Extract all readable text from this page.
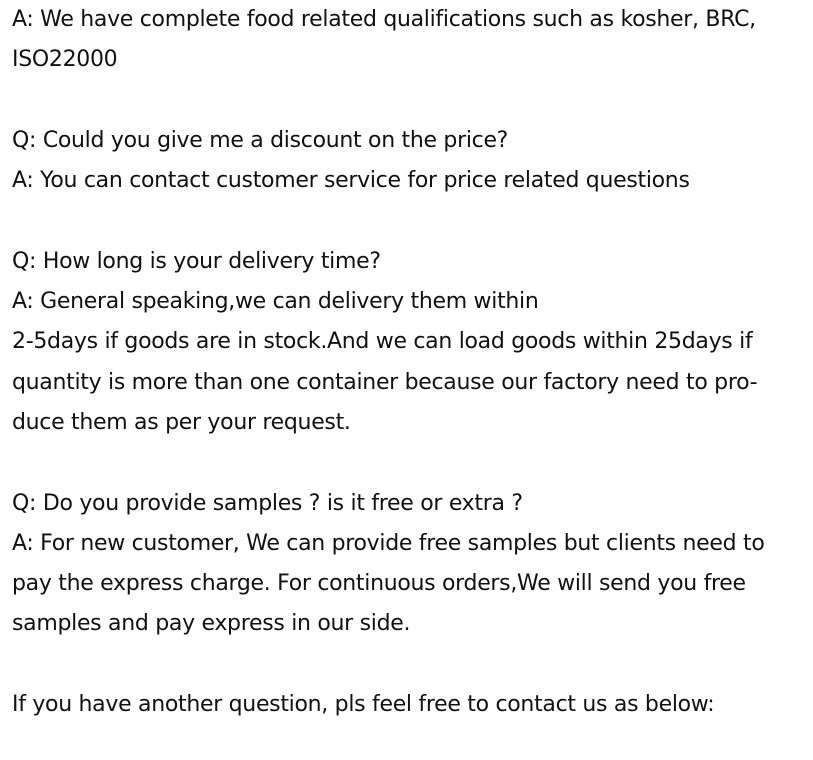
A: We have complete food related qualifications such as kosher, BRC,
ISO22000
Q: Could you give me a discount on the price?
A: You can contact customer service for price related questions
Q: How long is your delivery time?
A: General speaking,we can delivery them within
2-5days if goods are in stock.And we can load goods within 25days if
quantity is more than one container because our factory need to pro-
duce them as per your request.
Q: Do you provide samples ? is it free or extra ?
A: For new customer, We can provide free samples but clients need to
pay the express charge. For continuous orders,We will send you free
samples and pay express in our side.
If you have another question, pls feel free to contact us as below:
